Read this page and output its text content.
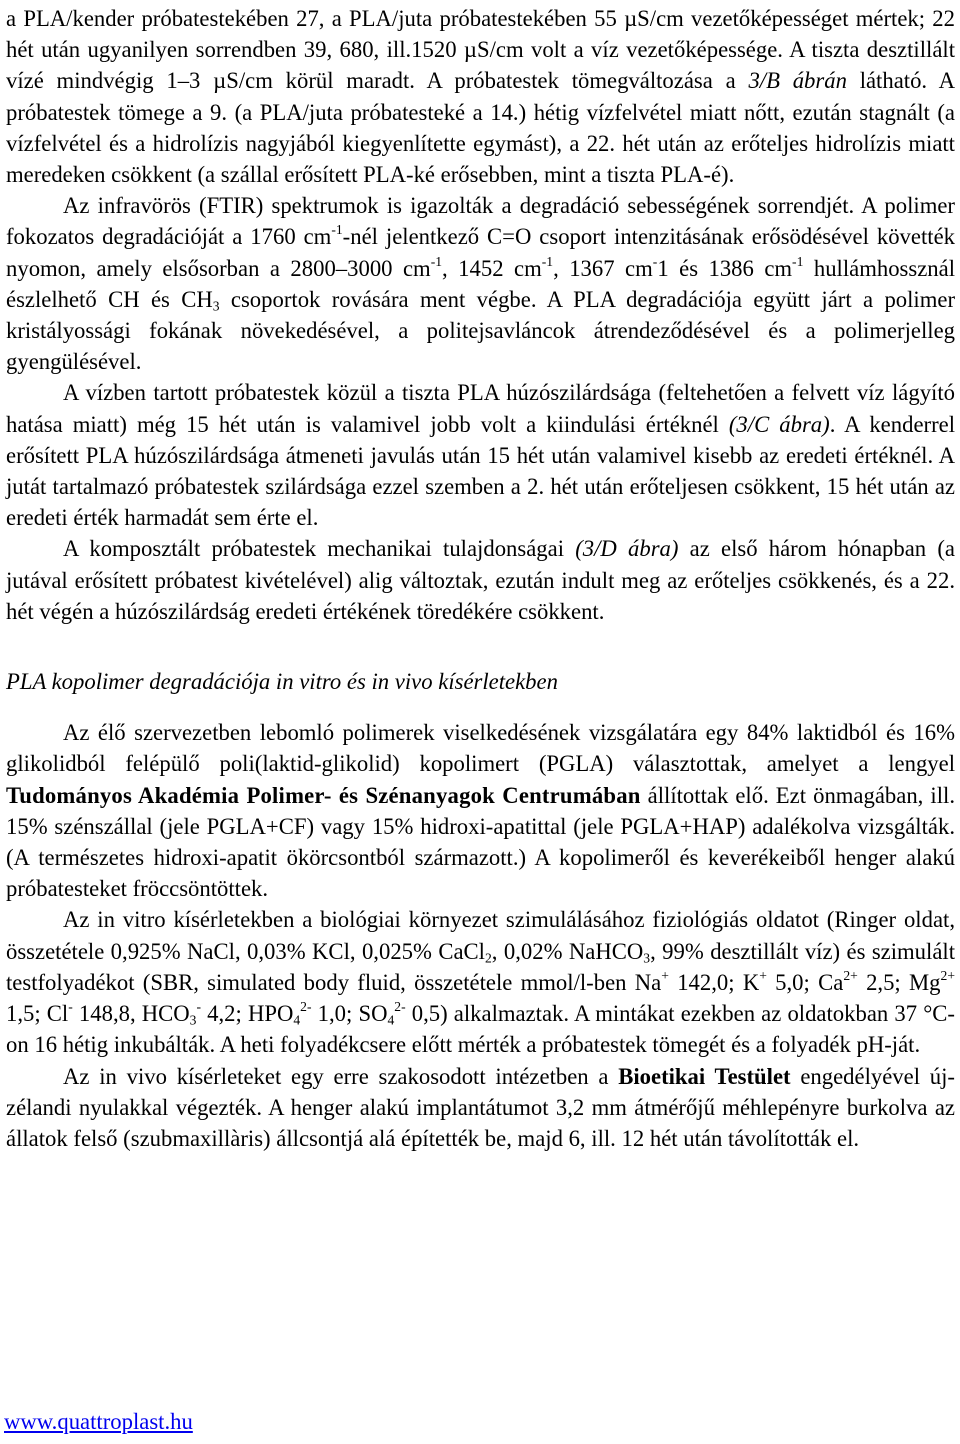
a PLA/kender próbatestekében 27, a PLA/juta próbatestekében 55 µS/cm vezetőképességet mértek; 22 hét után ugyanilyen sorrendben 39, 680, ill.1520 µS/cm volt a víz vezetőképessége. A tiszta desztillált vízé mindvégig 1–3 µS/cm körül maradt. A próbatestek tömegváltozása a 3/B ábrán látható. A próbatestek tömege a 9. (a PLA/juta próbatesteké a 14.) hétig vízfelvétel miatt nőtt, ezután stagnált (a vízfelvétel és a hidrolízis nagyjából kiegyenlítette egymást), a 22. hét után az erőteljes hidrolízis miatt meredeken csökkent (a szállal erősített PLA-ké erősebben, mint a tiszta PLA-é).

Az infravörös (FTIR) spektrumok is igazolták a degradáció sebességének sorrendjét. A polimer fokozatos degradációját a 1760 $cm^{-1}$-nél jelentkező C=O csoport intenzitásának erősödésével követték nyomon, amely elsősorban a 2800–3000 $cm^{-1}$, 1452 $cm^{-1}$, 1367 cm-1 és 1386 $cm^{-1}$ hullámhossznál észlelhető CH és $CH_3$ csoportok rovására ment végbe. A PLA degradációja együtt járt a polimer kristályossági fokának növekedésével, a politejsavláncok átrendeződésével és a polimerjelleg gyengülésével.

A vízben tartott próbatestek közül a tiszta PLA húzószilárdsága (feltehetően a felvett víz lágyító hatása miatt) még 15 hét után is valamivel jobb volt a kiindulási értéknél (3/C ábra). A kenderrel erősített PLA húzószilárdsága átmeneti javulás után 15 hét után valamivel kisebb az eredeti értéknél. A jutát tartalmazó próbatestek szilárdsága ezzel szemben a 2. hét után erőteljesen csökkent, 15 hét után az eredeti érték harmadát sem érte el.

A komposztált próbatestek mechanikai tulajdonságai (3/D ábra) az első három hónapban (a jutával erősített próbatest kivételével) alig változtak, ezután indult meg az erőteljes csökkenés, és a 22. hét végén a húzószilárdság eredeti értékének töredékére csökkent.

PLA kopolimer degradációja in vitro és in vivo kísérletekben

Az élő szervezetben lebomló polimerek viselkedésének vizsgálatára egy 84% laktidból és 16% glikolidból felépülő poli(laktid-glikolid) kopolimert (PGLA) választottak, amelyet a lengyel Tudományos Akadémia Polimer- és Szénanyagok Centrumában állítottak elő. Ezt önmagában, ill. 15% szénszállal (jele PGLA+CF) vagy 15% hidroxi-apatittal (jele PGLA+HAP) adalékolva vizsgálták. (A természetes hidroxi-apatit ökörcsontból származott.) A kopolimeről és keverékeiből henger alakú próbatesteket fröccsöntöttek.

Az in vitro kísérletekben a biológiai környezet szimulálásához fiziológiás oldatot (Ringer oldat, összetétele 0,925% NaCl, 0,03% KCl, 0,025% CaCl$_2$, 0,02% NaHCO$_3$, 99% desztillált víz) és szimulált testfolyadékot (SBR, simulated body fluid, összetétele mmol/l-ben Na+ 142,0; K+ 5,0; $Ca^{2+}$ 2,5; $Mg^{2+}$ 1,5; Cl- 148,8, $HCO_3^-$ 4,2; $HPO_4^{2-}$ 1,0; $SO_4^{2-}$ 0,5) alkalmaztak. A mintákat ezekben az oldatokban 37 °C-on 16 hétig inkubálták. A heti folyadékcsere előtt mérték a próbatestek tömegét és a folyadék pH-ját.

Az in vivo kísérleteket egy erre szakosodott intézetben a Bioetikai Testület engedélyével új-zélandi nyulakkal végezték. A henger alakú implantátumot 3,2 mm átmérőjű méhlepényre burkolva az állatok felső (szubmaxillàris) állcsontjá alá építették be, majd 6, ill. 12 hét után távolították el.

www.quattroplast.hu
